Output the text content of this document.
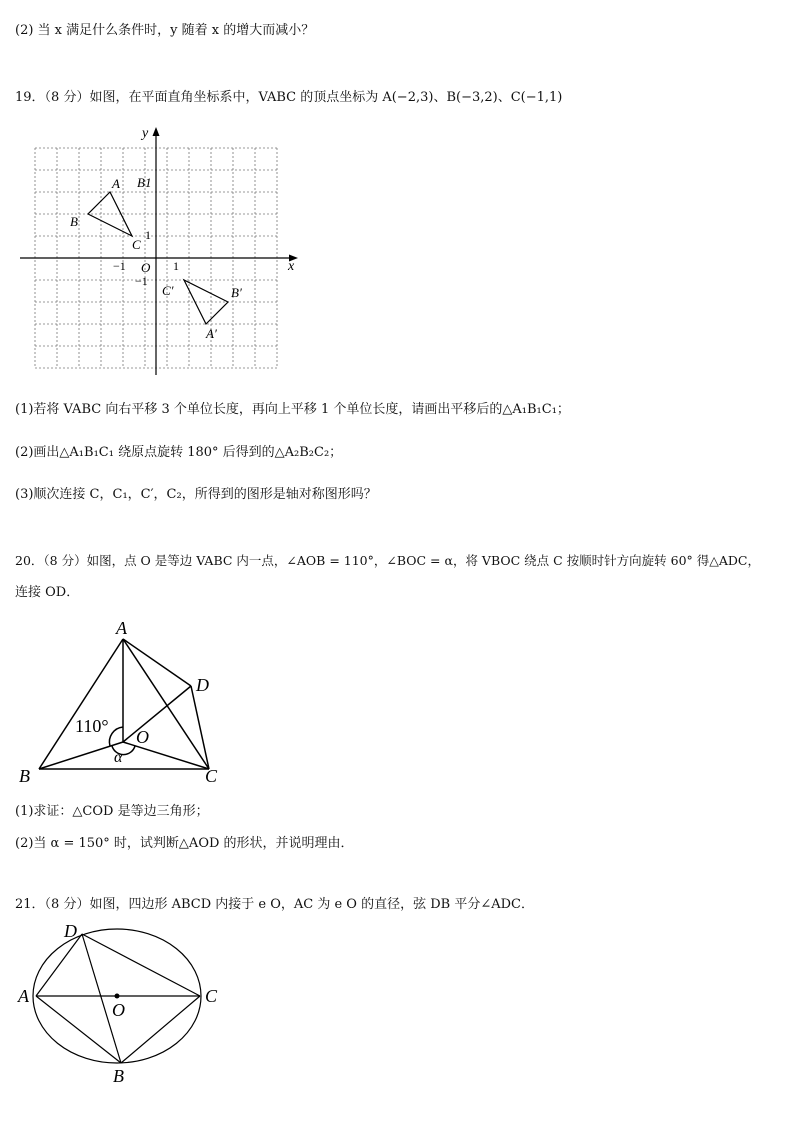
(2) 当 x 满足什么条件时，y 随着 x 的增大而减小？
19．（8 分）如图，在平面直角坐标系中，VABC 的顶点坐标为 A(−2,3)、B(−3,2)、C(−1,1)
y
x
O 1
−1
1
−1
A
B
C
B1
A′
B′
C′
(1)若将 VABC 向右平移 3 个单位长度，再向上平移 1 个单位长度，请画出平移后的△A₁B₁C₁；
(2)画出△A₁B₁C₁ 绕原点旋转 180° 后得到的△A₂B₂C₂；
(3)顺次连接 C，C₁，C′，C₂，所得到的图形是轴对称图形吗？
20．（8 分）如图，点 O 是等边 VABC 内一点，∠AOB = 110°，∠BOC = α，将 VBOC 绕点 C 按顺时针方向旋转 60° 得△ADC，
连接 OD．
A
B	C
D
O
110°
α
(1)求证：△COD 是等边三角形；
(2)当 α = 150° 时，试判断△AOD 的形状，并说明理由．
21．（8 分）如图，四边形 ABCD 内接于 e O，AC 为 e O 的直径，弦 DB 平分∠ADC．
A
B
C
D
O
